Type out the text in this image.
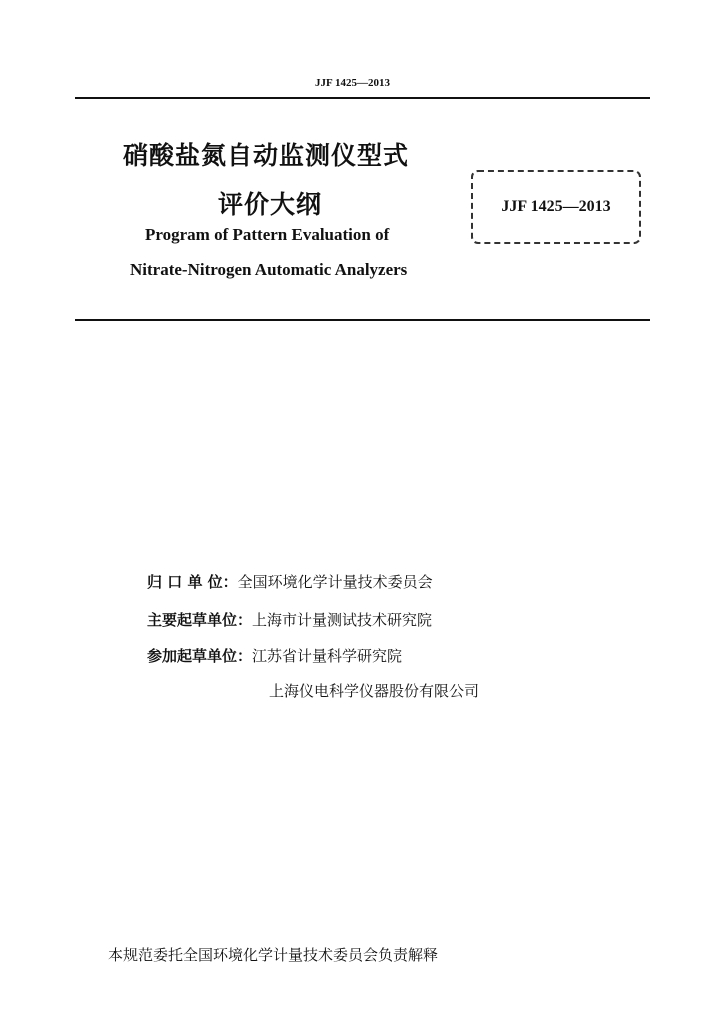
JJF 1425—2013
硝酸盐氮自动监测仪型式
评价大纲
Program of Pattern Evaluation of
Nitrate-Nitrogen Automatic Analyzers
JJF 1425—2013
归 口 单 位：全国环境化学计量技术委员会
主要起草单位：上海市计量测试技术研究院
参加起草单位：江苏省计量科学研究院
上海仪电科学仪器股份有限公司
本规范委托全国环境化学计量技术委员会负责解释
